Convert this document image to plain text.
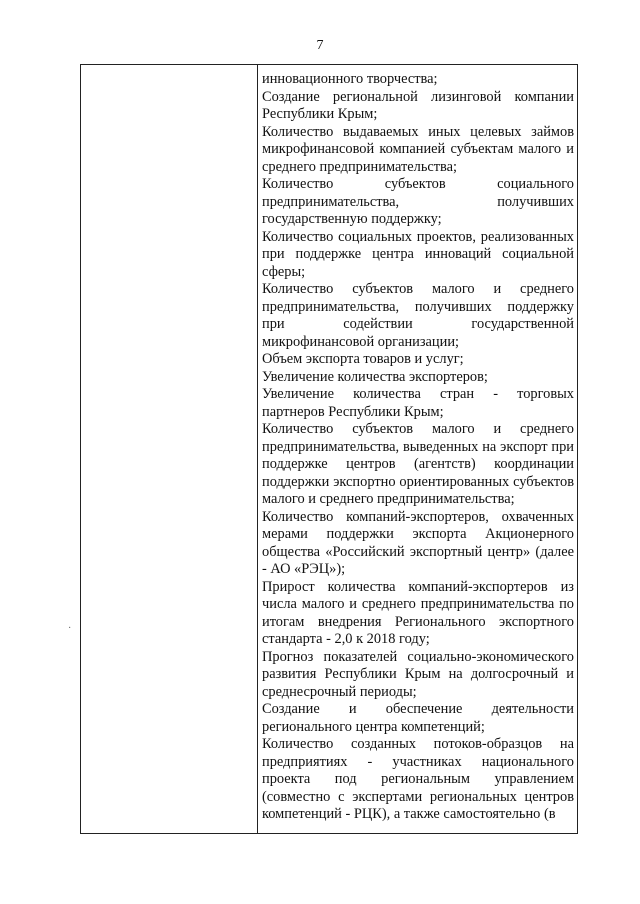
7

инновационного творчества;

Создание региональной лизинговой компании Республики Крым;

Количество выдаваемых иных целевых займов микрофинансовой компанией субъектам малого и среднего предпринимательства;

Количество субъектов социального предпринимательства, получивших государственную поддержку;

Количество социальных проектов, реализованных при поддержке центра инноваций социальной сферы;

Количество субъектов малого и среднего предпринимательства, получивших поддержку при содействии государственной микрофинансовой организации;

Объем экспорта товаров и услуг;

Увеличение количества экспортеров;

Увеличение количества стран - торговых партнеров Республики Крым;

Количество субъектов малого и среднего предпринимательства, выведенных на экспорт при поддержке центров (агентств) координации поддержки экспортно ориентированных субъектов малого и среднего предпринимательства;

Количество компаний-экспортеров, охваченных мерами поддержки экспорта Акционерного общества «Российский экспортный центр» (далее - АО «РЭЦ»);

Прирост количества компаний-экспортеров из числа малого и среднего предпринимательства по итогам внедрения Регионального экспортного стандарта - 2,0 к 2018 году;

Прогноз показателей социально-экономического развития Республики Крым на долгосрочный и среднесрочный периоды;

Создание и обеспечение деятельности регионального центра компетенций;

Количество созданных потоков-образцов на предприятиях - участниках национального проекта под региональным управлением (совместно с экспертами региональных центров компетенций - РЦК), а также самостоятельно (в

·
